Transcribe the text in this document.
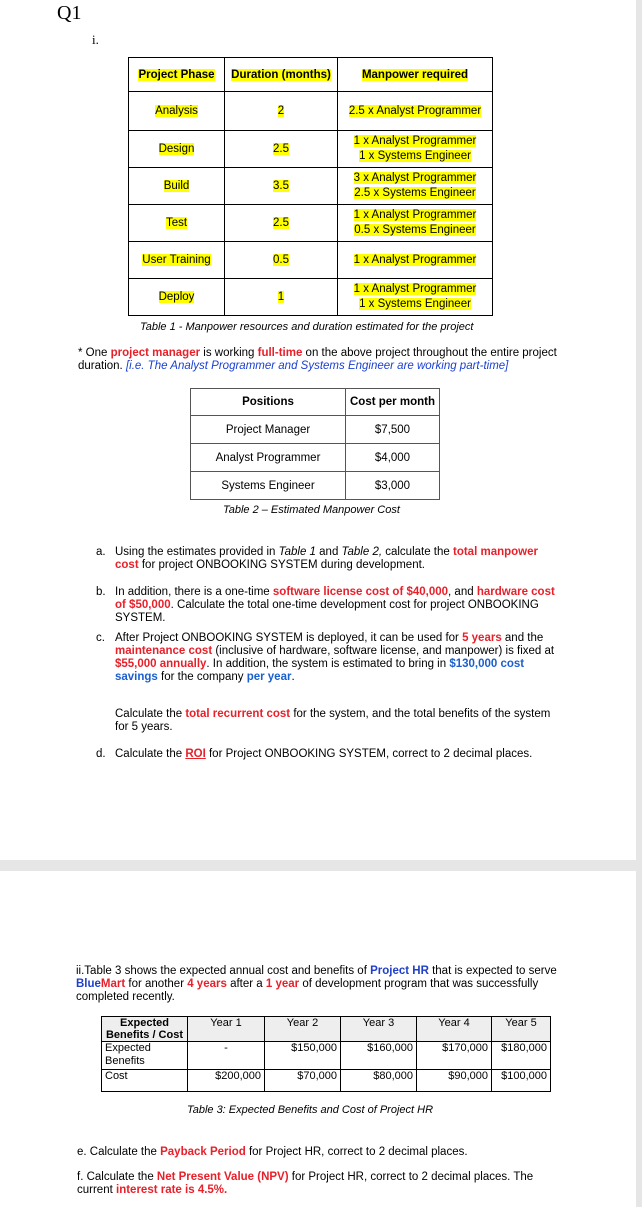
Q1
i.
Project Phase	Duration (months)	Manpower required
Analysis	2	2.5 x Analyst Programmer
Design	2.5	1 x Analyst Programmer
1 x Systems Engineer
Build	3.5	3 x Analyst Programmer
2.5 x Systems Engineer
Test	2.5	1 x Analyst Programmer
0.5 x Systems Engineer
User Training	0.5	1 x Analyst Programmer
Deploy	1	1 x Analyst Programmer
1 x Systems Engineer
Table 1 - Manpower resources and duration estimated for the project
* One project manager is working full-time on the above project throughout the entire project duration. [i.e. The Analyst Programmer and Systems Engineer are working part-time]
Positions	Cost per month
Project Manager	$7,500
Analyst Programmer	$4,000
Systems Engineer	$3,000
Table 2 – Estimated Manpower Cost
a. Using the estimates provided in Table 1 and Table 2, calculate the total manpower cost for project ONBOOKING SYSTEM during development.
b. In addition, there is a one-time software license cost of $40,000, and hardware cost of $50,000. Calculate the total one-time development cost for project ONBOOKING SYSTEM.
c. After Project ONBOOKING SYSTEM is deployed, it can be used for 5 years and the maintenance cost (inclusive of hardware, software license, and manpower) is fixed at $55,000 annually. In addition, the system is estimated to bring in $130,000 cost savings for the company per year.
Calculate the total recurrent cost for the system, and the total benefits of the system for 5 years.
d. Calculate the ROI for Project ONBOOKING SYSTEM, correct to 2 decimal places.
ii.Table 3 shows the expected annual cost and benefits of Project HR that is expected to serve BlueMart for another 4 years after a 1 year of development program that was successfully completed recently.
Expected Benefits / Cost	Year 1	Year 2	Year 3	Year 4	Year 5
Expected Benefits	-	$150,000	$160,000	$170,000	$180,000
Cost	$200,000	$70,000	$80,000	$90,000	$100,000
Table 3: Expected Benefits and Cost of Project HR
e. Calculate the Payback Period for Project HR, correct to 2 decimal places.
f. Calculate the Net Present Value (NPV) for Project HR, correct to 2 decimal places. The current interest rate is 4.5%.
